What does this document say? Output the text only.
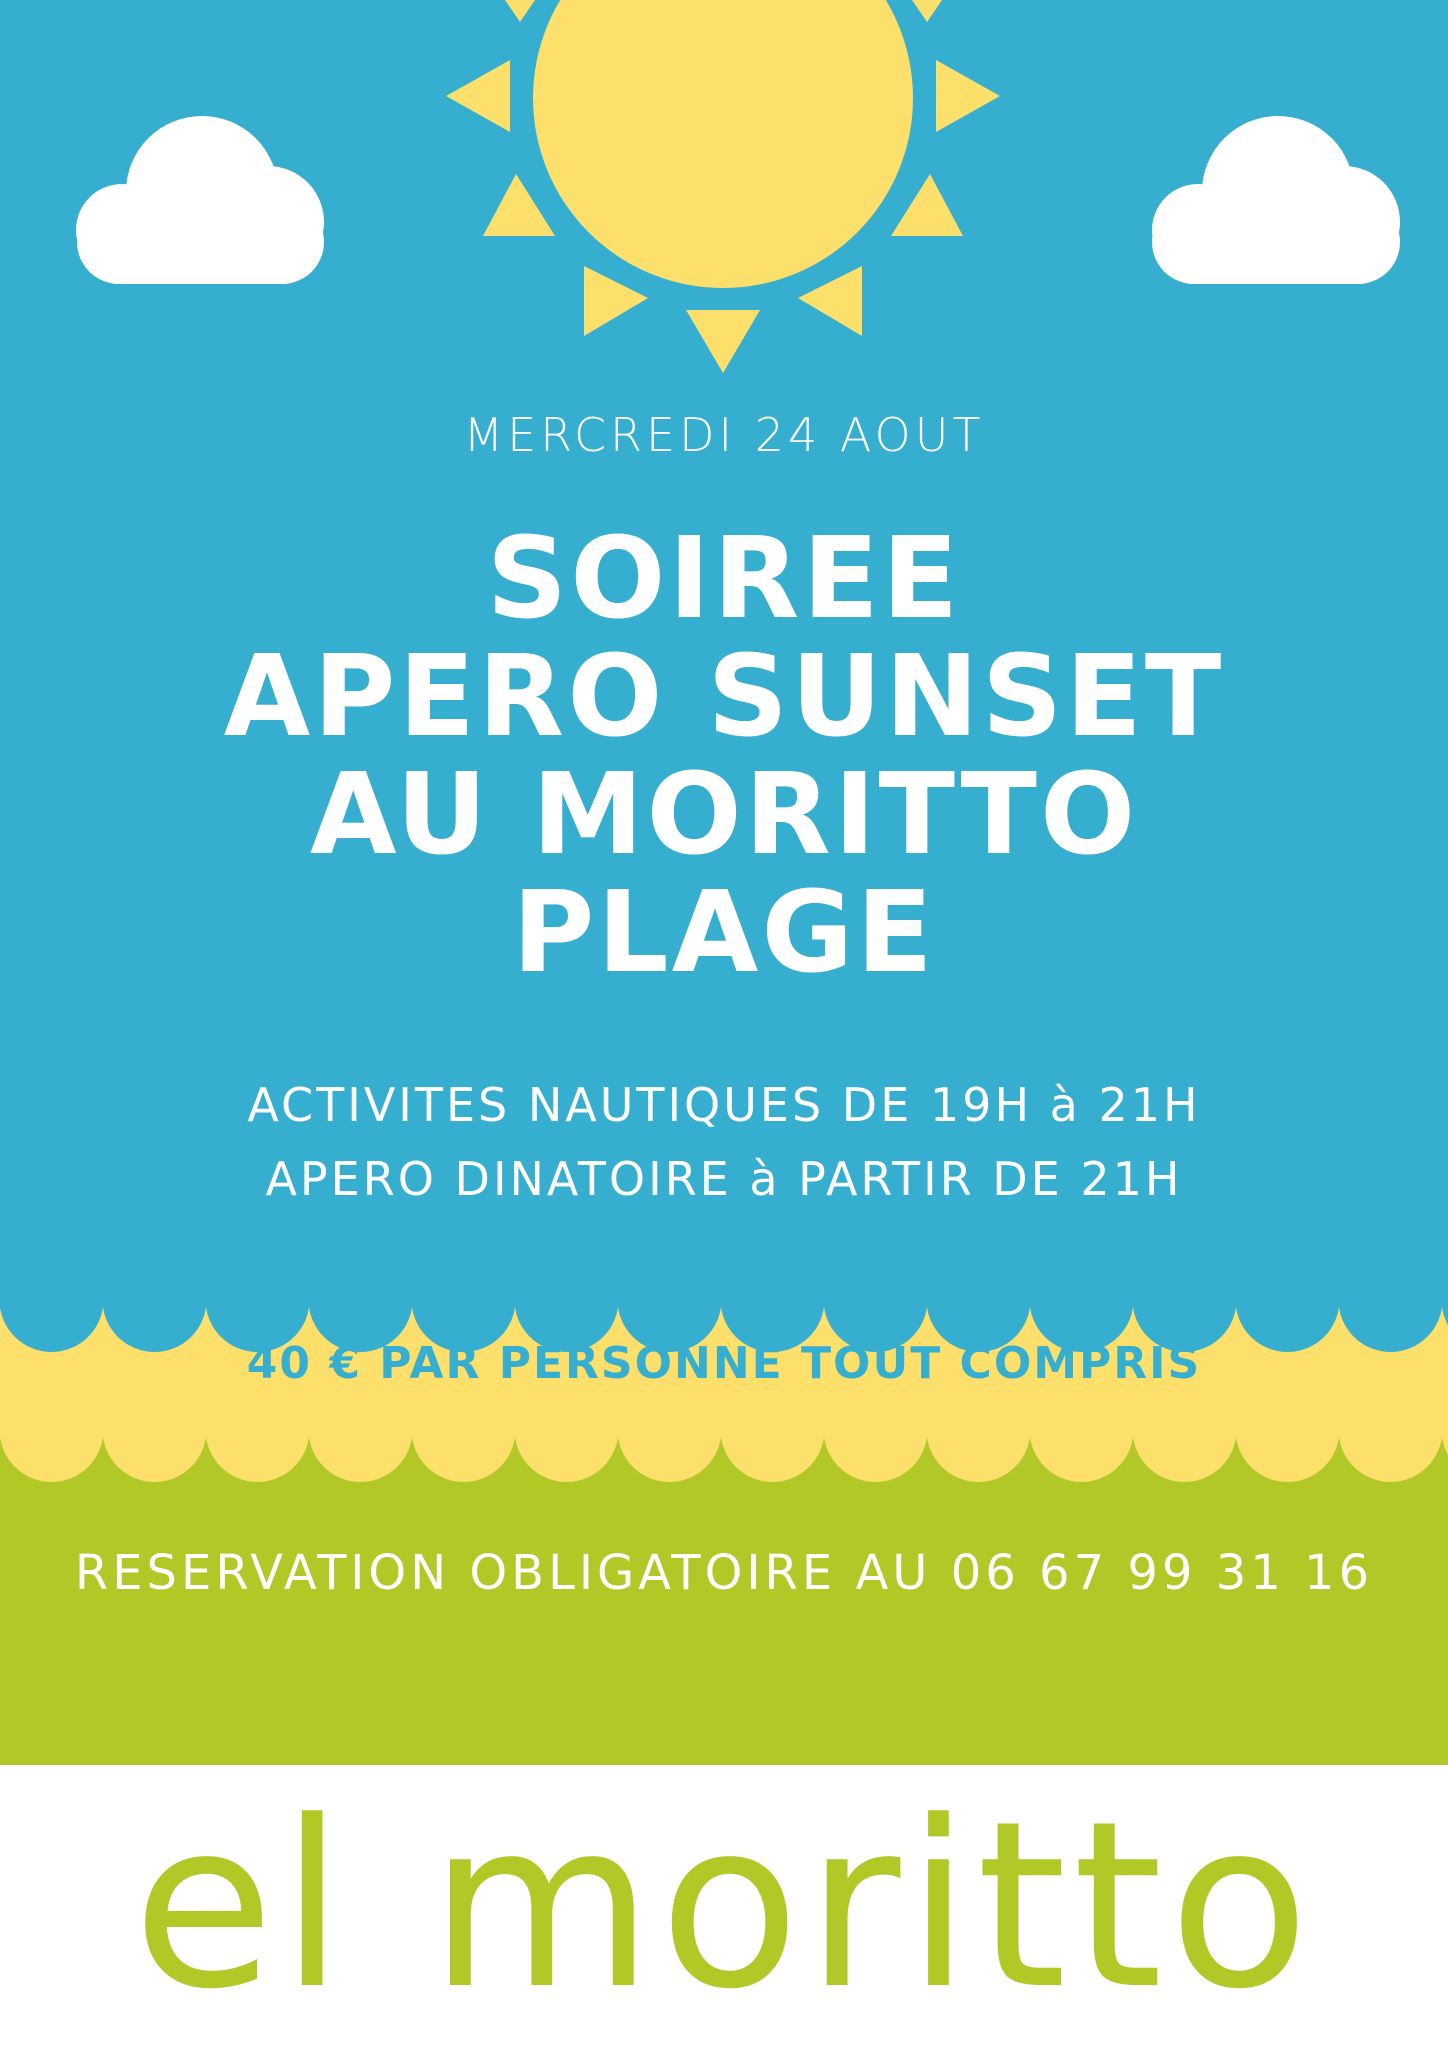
MERCREDI 24 AOUT
SOIREE
APERO SUNSET
AU MORITTO
PLAGE
ACTIVITES NAUTIQUES DE 19H à 21H
APERO DINATOIRE à PARTIR DE 21H
40 € PAR PERSONNE TOUT COMPRIS
RESERVATION OBLIGATOIRE AU 06 67 99 31 16
el moritto
